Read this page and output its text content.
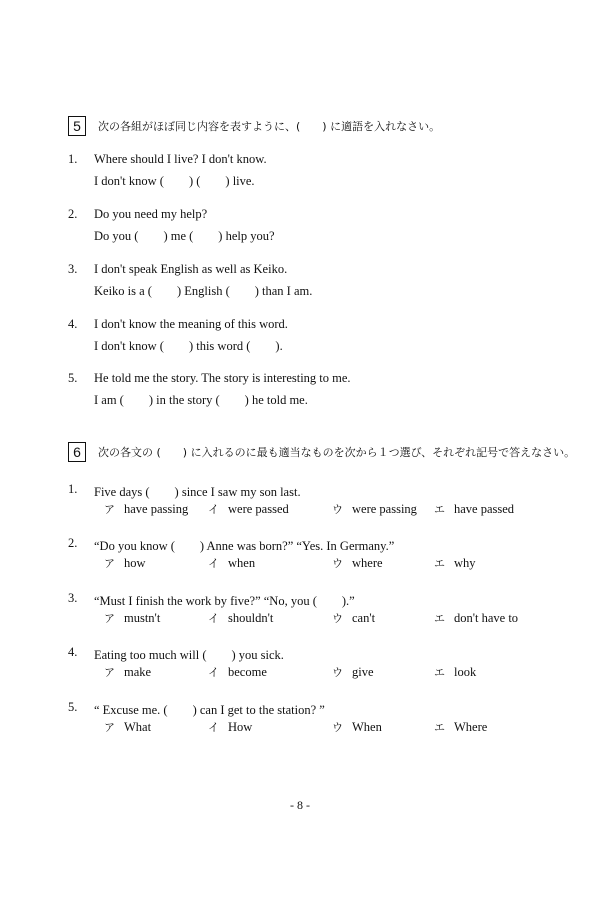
5	次の各組がほぼ同じ内容を表すように、(　　) に適語を入れなさい。
1.	Where should I live? I don't know.
I don't know (　　) (　　) live.
2.	Do you need my help?
Do you (　　) me (　　) help you?
3.	I don't speak English as well as Keiko.
Keiko is a (　　) English (　　) than I am.
4.	I don't know the meaning of this word.
I don't know (　　) this word (　　).
5.	He told me the story. The story is interesting to me.
I am (　　) in the story (　　) he told me.
6	次の各文の (　　) に入れるのに最も適当なものを次から１つ選び、それぞれ記号で答えなさい。
1.	Five days (　　) since I saw my son last.
ア have passing イ were passed	ウ were passing エ have passed
2.	“Do you know (　　) Anne was born?” “Yes. In Germany.”
ア how	イ when	ウ where	エ why
3.	“Must I finish the work by five?” “No, you (　　).”
ア mustn't	イ shouldn't	ウ can't	エ don't have to
4.	Eating too much will (　　) you sick.
ア make	イ become	ウ give	エ look
5.	“ Excuse me. (　　) can I get to the station? ”
ア What	イ How	ウ When	エ Where
- 8 -
